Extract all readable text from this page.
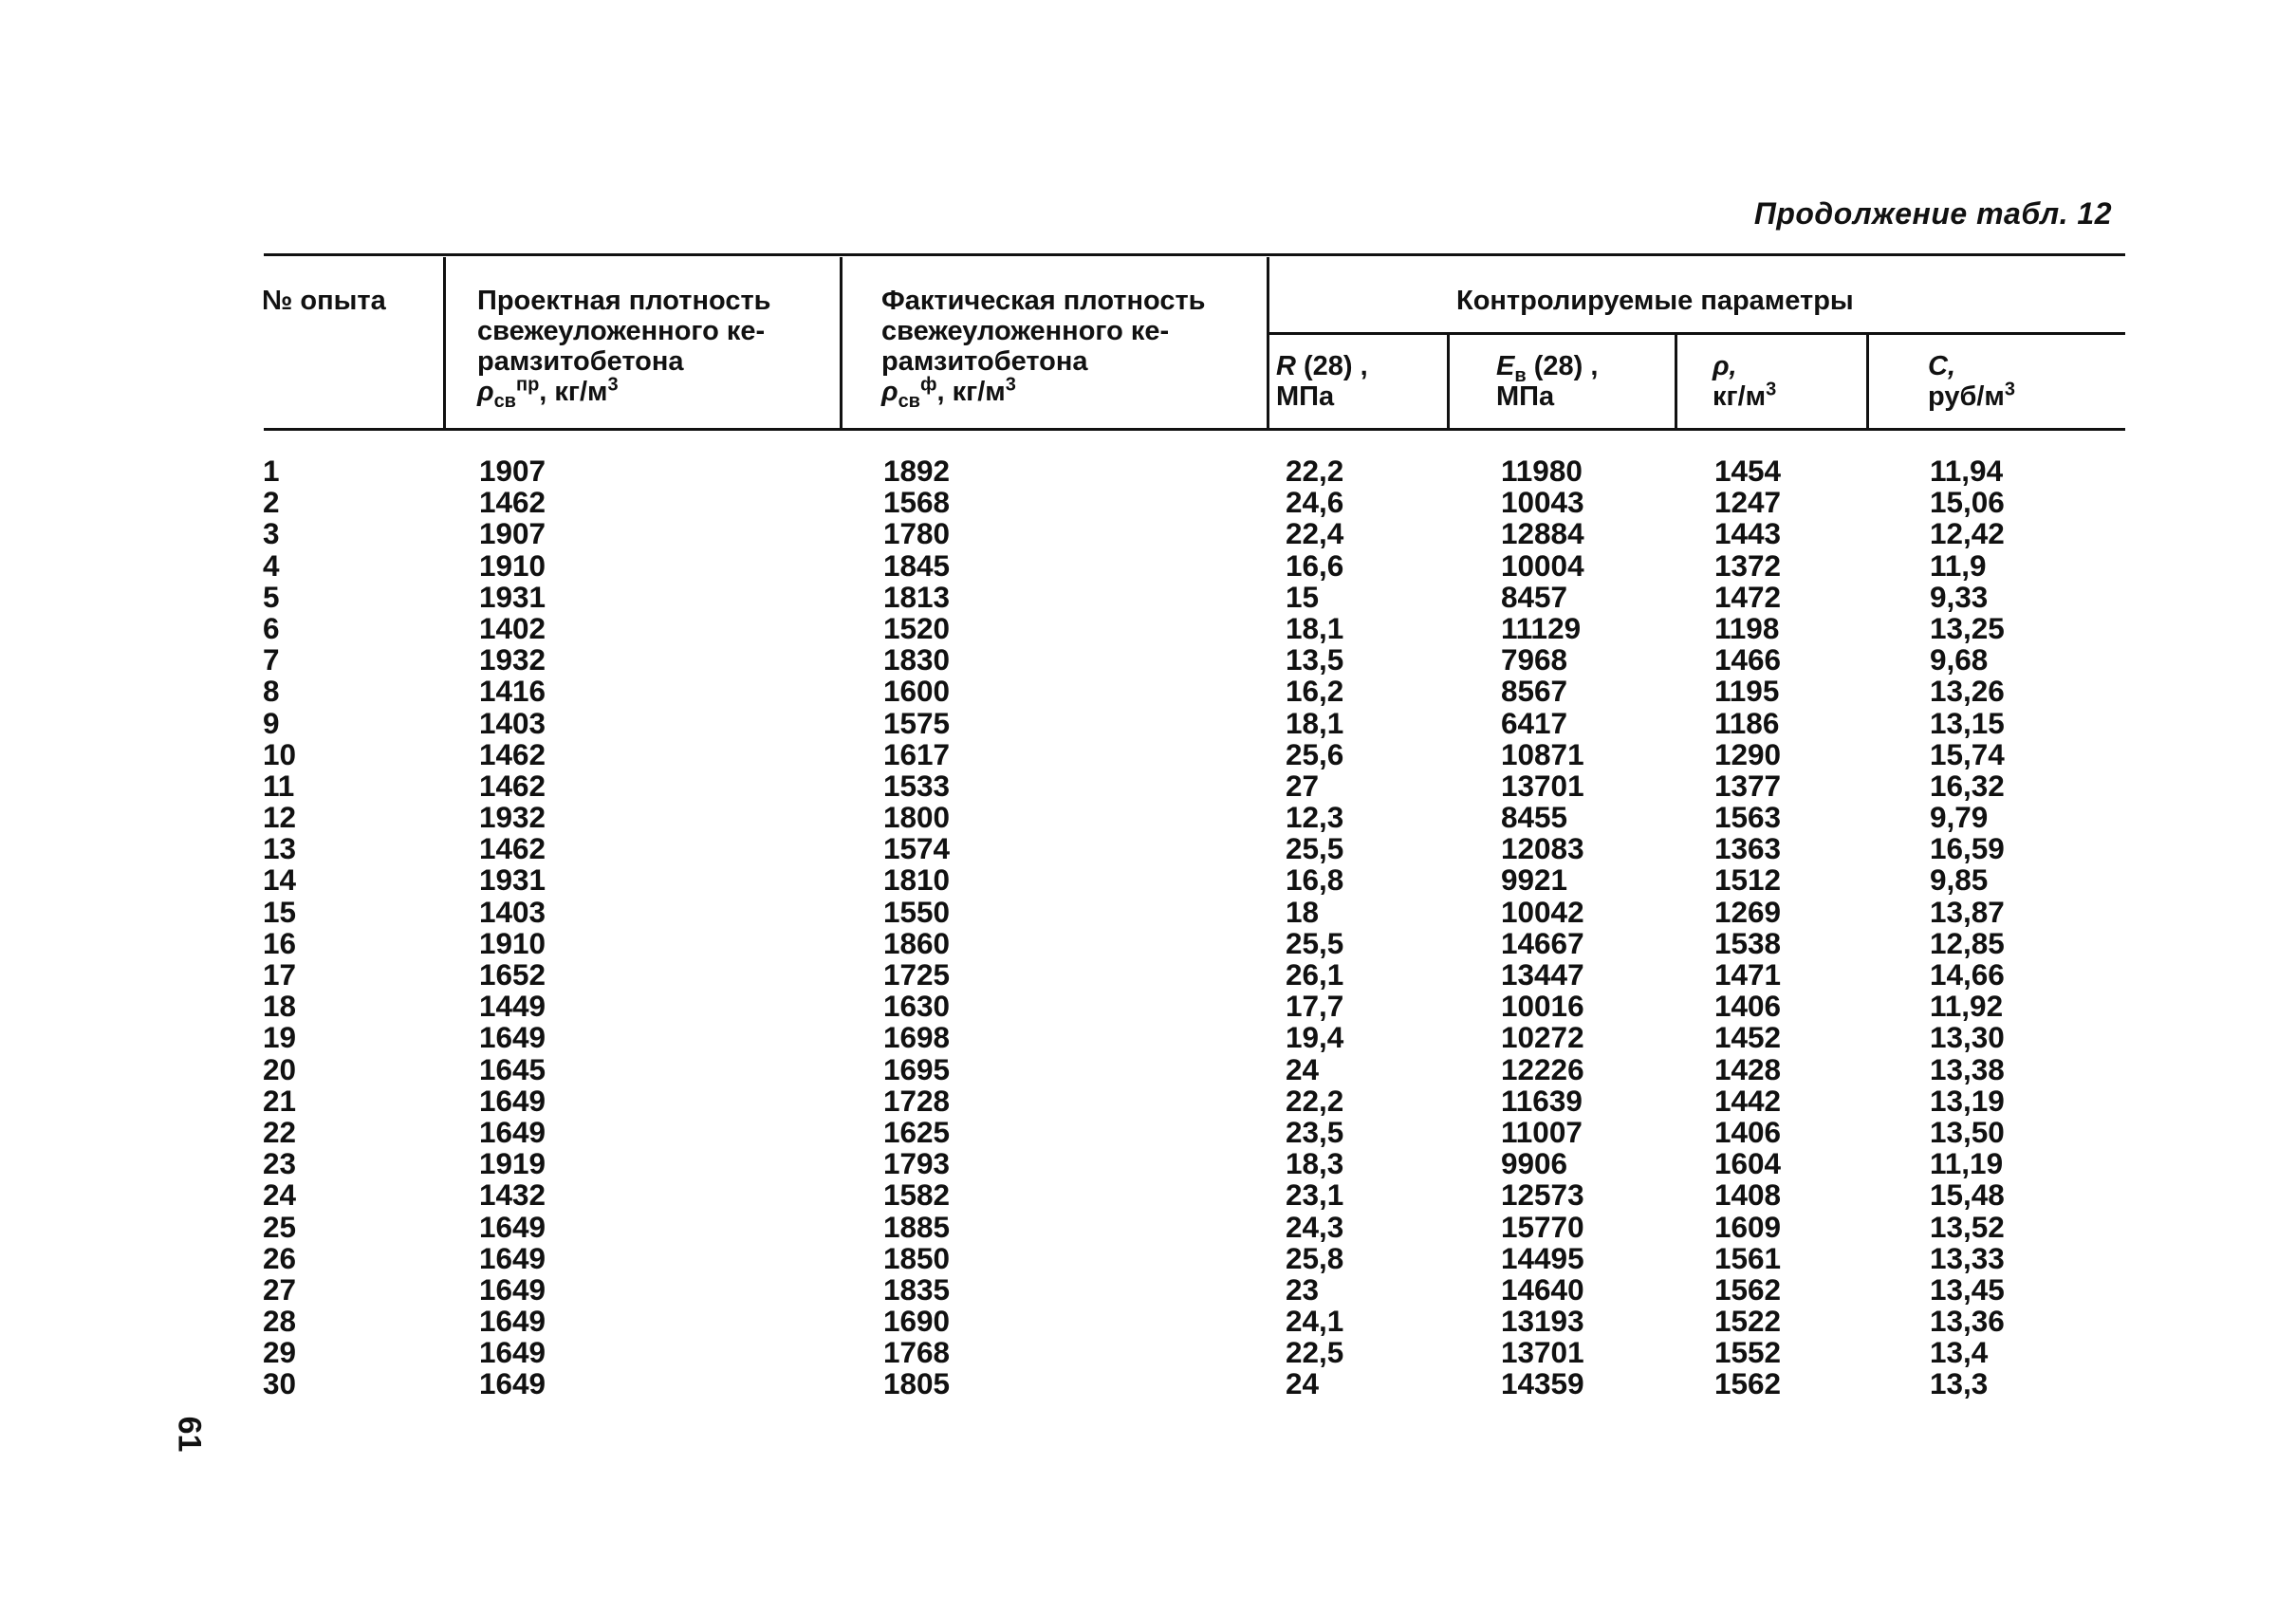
Продолжение табл. 12
№ опыта	Проектная плотность
свежеуложенного ке-
рамзитобетона
$\rho_{св}^{пр}$, $кг/м^3$
Фактическая плотность
свежеуложенного ке-
рамзитобетона
$\rho_{св}^ф$, $кг/м^3$
Контролируемые параметры
R (28) ,
МПа
$E_в$ (28) ,
МПа
ρ,
$кг/м^3$
C,
руб/$м^3$
1
2
3
4
5
6
7
8
9
10
11
12
13
14
15
16
17
18
19
20
21
22
23
24
25
26
27
28
29
30
1907
1462
1907
1910
1931
1402
1932
1416
1403
1462
1462
1932
1462
1931
1403
1910
1652
1449
1649
1645
1649
1649
1919
1432
1649
1649
1649
1649
1649
1649
1892
1568
1780
1845
1813
1520
1830
1600
1575
1617
1533
1800
1574
1810
1550
1860
1725
1630
1698
1695
1728
1625
1793
1582
1885
1850
1835
1690
1768
1805
22,2
24,6
22,4
16,6
15
18,1
13,5
16,2
18,1
25,6
27
12,3
25,5
16,8
18
25,5
26,1
17,7
19,4
24
22,2
23,5
18,3
23,1
24,3
25,8
23
24,1
22,5
24
11980
10043
12884
10004
8457
11129
7968
8567
6417
10871
13701
8455
12083
9921
10042
14667
13447
10016
10272
12226
11639
11007
9906
12573
15770
14495
14640
13193
13701
14359
1454
1247
1443
1372
1472
1198
1466
1195
1186
1290
1377
1563
1363
1512
1269
1538
1471
1406
1452
1428
1442
1406
1604
1408
1609
1561
1562
1522
1552
1562
11,94
15,06
12,42
11,9
9,33
13,25
9,68
13,26
13,15
15,74
16,32
9,79
16,59
9,85
13,87
12,85
14,66
11,92
13,30
13,38
13,19
13,50
11,19
15,48
13,52
13,33
13,45
13,36
13,4
13,3
61
